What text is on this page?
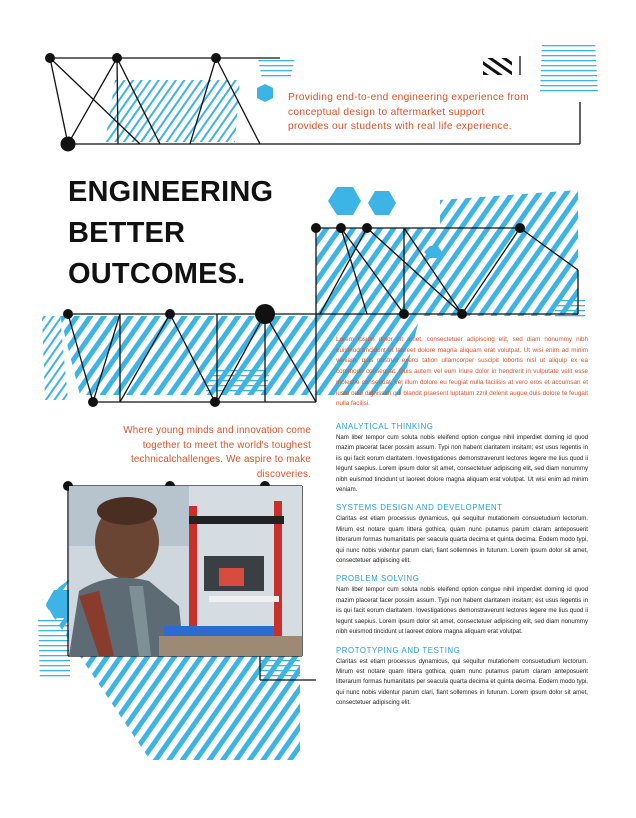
Providing end-to-end engineering experience from
conceptual design to aftermarket support
provides our students with real life experience.

ENGINEERING
BETTER
OUTCOMES.

Lorem ipsum dolor sit amet, consectetuer adipiscing elit, sed diam nonummy nibh euismod tincidunt ut laoreet dolore magna aliquam erat volutpat. Ut wisi enim ad minim veniam, quis nostrud exerci tation ullamcorper suscipit lobortis nisl ut aliquip ex ea commodo consequat. Duis autem vel eum iriure dolor in hendrerit in vulputate velit esse molestie consequat, vel illum dolore eu feugiat nulla facilisis at vero eros et accumsan et iusto odio dignissim qui blandit praesent luptatum zzril delenit augue duis dolore te feugait nulla facilisi.

Where young minds and innovation come together to meet the world's toughest technicalchallenges. We aspire to make discoveries.

ANALYTICAL THINKING

Nam liber tempor cum soluta nobis eleifend option congue nihil imperdiet doming id quod mazim placerat facer possim assum. Typi non habent claritatem insitam; est usus legentis in iis qui facit eorum claritatem. Investigationes demonstraverunt lectores legere me lius quod ii legunt saepius. Lorem ipsum dolor sit amet, consectetuer adipiscing elit, sed diam nonummy nibh euismod tincidunt ut laoreet dolore magna aliquam erat volutpat. Ut wisi enim ad minim veniam.

SYSTEMS DESIGN AND DEVELOPMENT

Claritas est etiam processus dynamicus, qui sequitur mutationem consuetudium lectorum. Mirum est notare quam littera gothica, quam nunc putamus parum claram anteposuerit litterarum formas humanitatis per seacula quarta decima et quinta decima. Eodem modo typi, qui nunc nobis videntur parum clari, fiant sollemnes in futurum. Lorem ipsum dolor sit amet, consectetuer adipiscing elit.

PROBLEM SOLVING

Nam liber tempor cum soluta nobis eleifend option congue nihil imperdiet doming id quod mazim placerat facer possim assum. Typi non habent claritatem insitam; est usus legentis in iis qui facit eorum claritatem. Investigationes demonstraverunt lectores legere me lius quod ii legunt saepius. Lorem ipsum dolor sit amet, consectetuer adipiscing elit, sed diam nonummy nibh euismod tincidunt ut laoreet dolore magna aliquam erat volutpat.

PROTOTYPING AND TESTING

Claritas est etiam processus dynamicus, qui sequitur mutationem consuetudium lectorum. Mirum est notare quam littera gothica, quam nunc putamus parum claram anteposuerit litterarum formas humanitatis per seacula quarta decima et quinta decima. Eodem modo typi, qui nunc nobis videntur parum clari, fiant sollemnes in futurum. Lorem ipsum dolor sit amet, consectetuer adipiscing elit.
